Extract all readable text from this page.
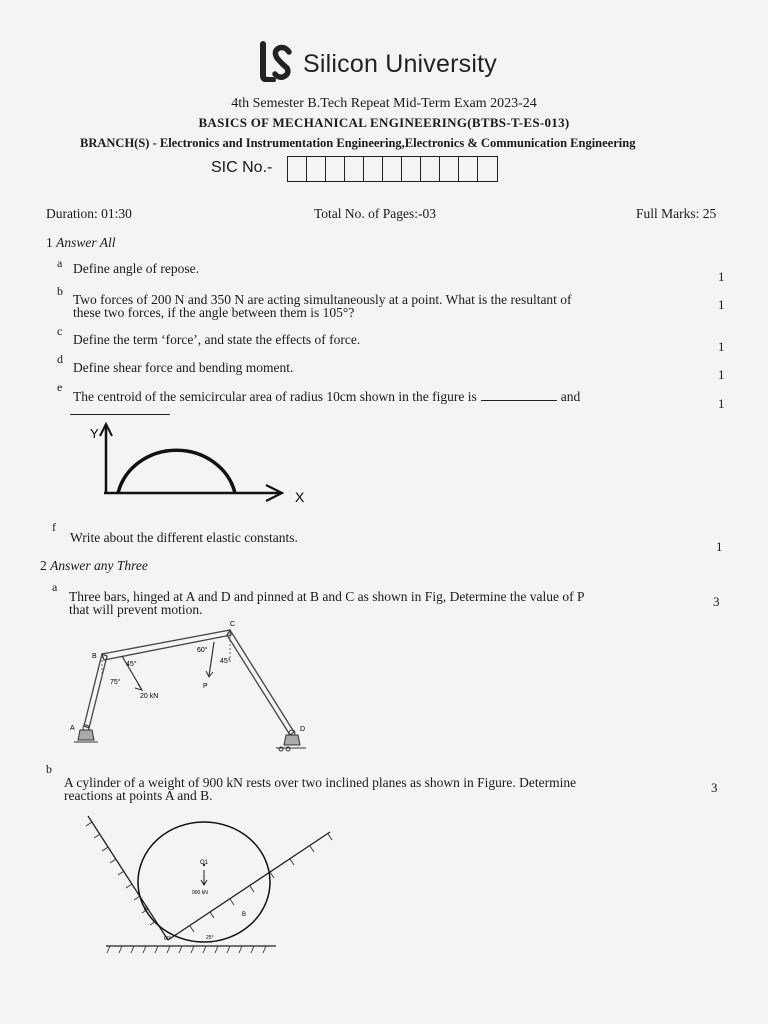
Silicon University
4th Semester B.Tech Repeat Mid-Term Exam 2023-24
BASICS OF MECHANICAL ENGINEERING(BTBS-T-ES-013)
BRANCH(S) - Electronics and Instrumentation Engineering,Electronics & Communication Engineering
SIC No.-
Duration: 01:30	Total No. of Pages:-03	Full Marks: 25
1 Answer All
a Define angle of repose.
1
b
Two forces of 200 N and 350 N are acting simultaneously at a point. What is the resultant of
these two forces, if the angle between them is 105°?
1
c
Define the term ‘force’, and state the effects of force.	1
d
Define shear force and bending moment.	1
e
The centroid of the semicircular area of radius 10cm shown in the figure is	and	1
Y
X
f
Write about the different elastic constants.
1
2 Answer any Three
a
Three bars, hinged at A and D and pinned at B and C as shown in Fig, Determine the value of P
that will prevent motion.
3
B
C
A	D
P
45°
75°
60°
45°
20 kN
b
A cylinder of a weight of 900 kN rests over two inclined planes as shown in Figure. Determine
reactions at points A and B.
3
O1
900 kN
A
B
60°	25°
